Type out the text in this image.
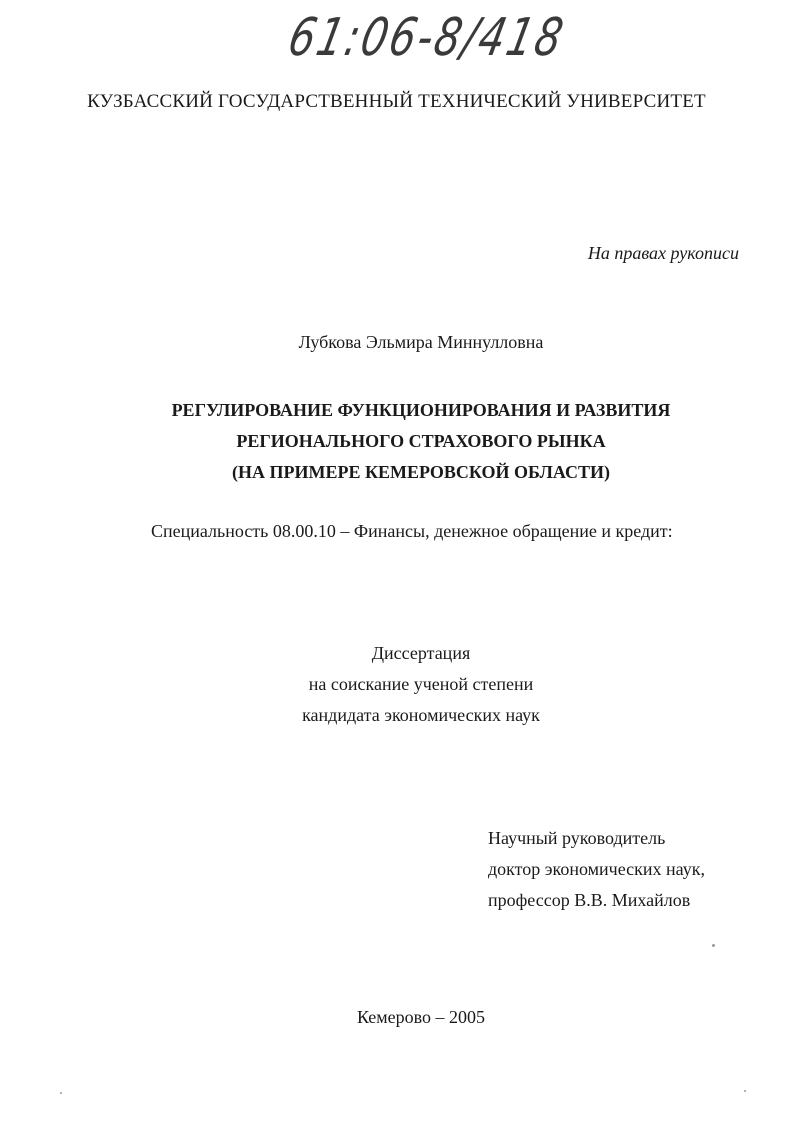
61:06-8/418
КУЗБАССКИЙ ГОСУДАРСТВЕННЫЙ ТЕХНИЧЕСКИЙ УНИВЕРСИТЕТ
На правах рукописи
Лубкова Эльмира Миннулловна
РЕГУЛИРОВАНИЕ ФУНКЦИОНИРОВАНИЯ И РАЗВИТИЯ
РЕГИОНАЛЬНОГО СТРАХОВОГО РЫНКА
(НА ПРИМЕРЕ КЕМЕРОВСКОЙ ОБЛАСТИ)
Специальность 08.00.10 – Финансы, денежное обращение и кредит:
Диссертация
на соискание ученой степени
кандидата экономических наук
Научный руководитель
доктор экономических наук,
профессор В.В. Михайлов
Кемерово – 2005
